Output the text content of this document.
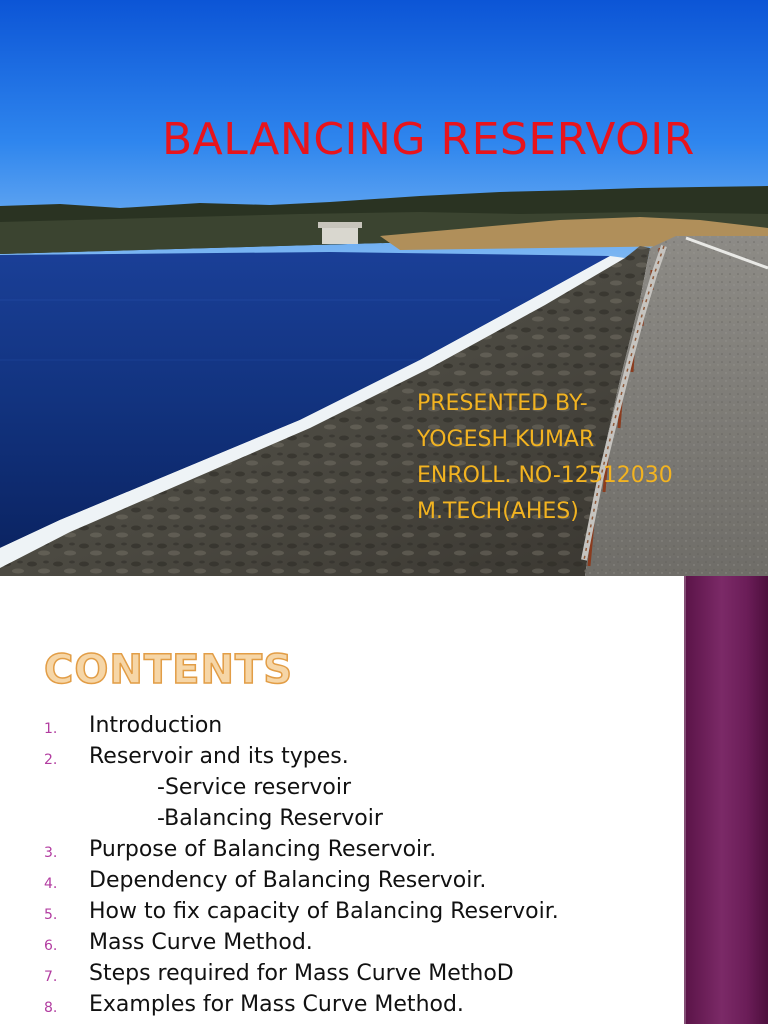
BALANCING RESERVOIR
PRESENTED BY-
YOGESH KUMAR
ENROLL. NO-12512030
M.TECH(AHES)
CONTENTS
1. Introduction
2. Reservoir and its types.
-Service reservoir
-Balancing Reservoir
3. Purpose of Balancing Reservoir.
4. Dependency of Balancing Reservoir.
5. How to fix capacity of Balancing Reservoir.
6. Mass Curve Method.
7. Steps required for Mass Curve MethoD
8. Examples for Mass Curve Method.
